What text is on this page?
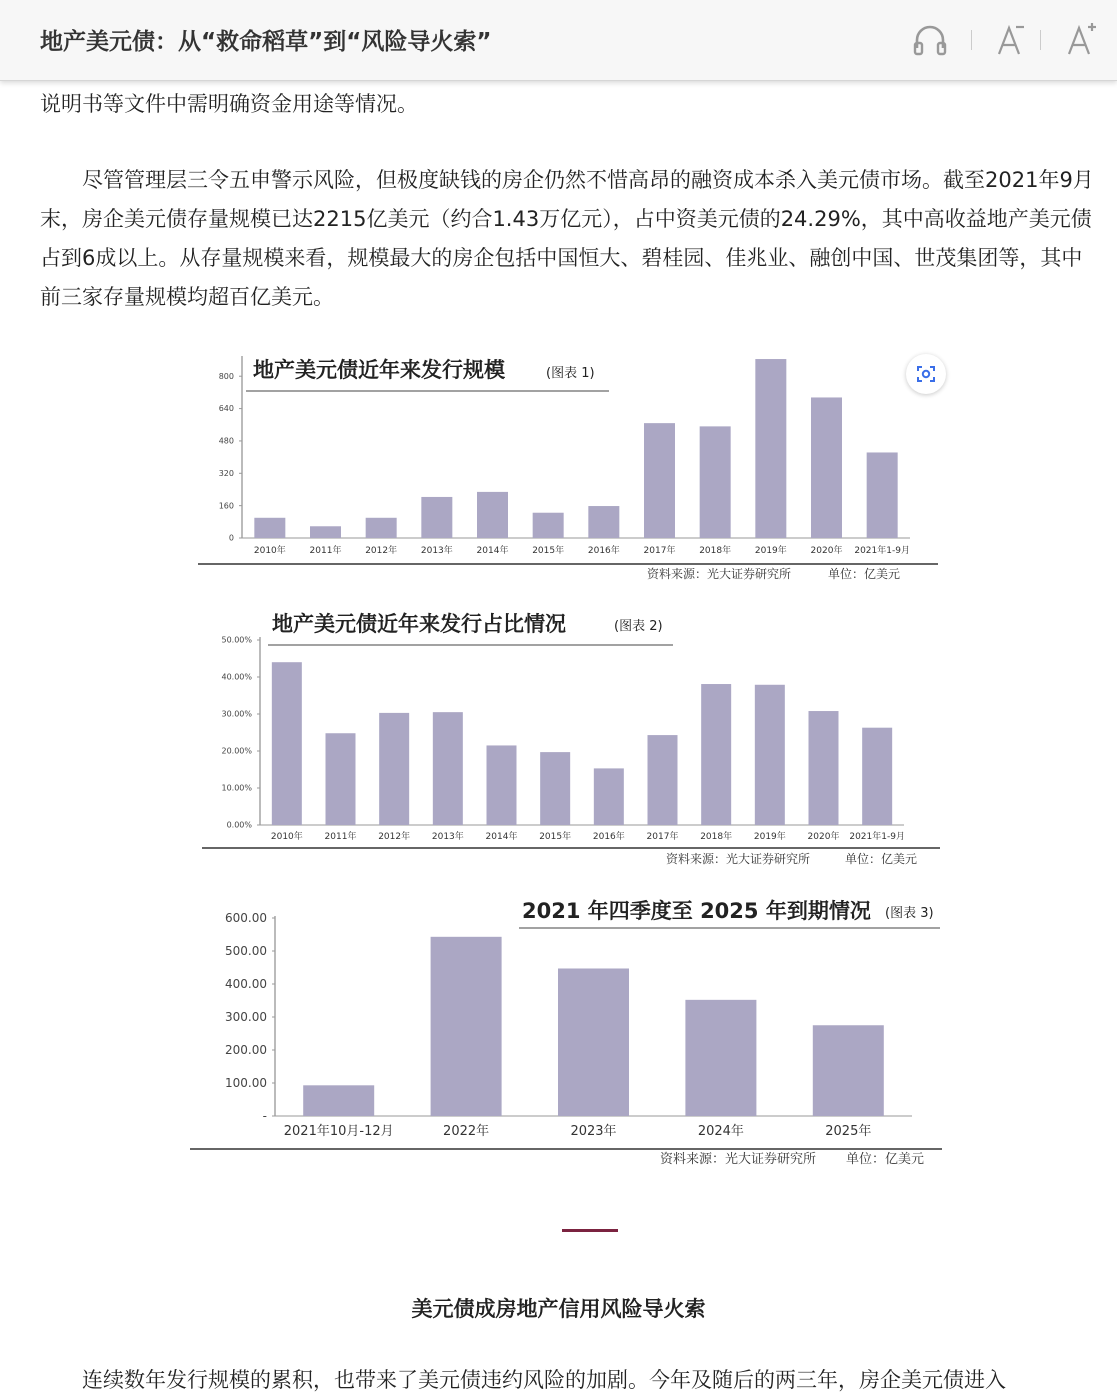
地产美元债：从“救命稻草”到“风险导火索”

说明书等文件中需明确资金用途等情况。

尽管管理层三令五申警示风险，但极度缺钱的房企仍然不惜高昂的融资成本杀入美元债市场。截至2021年9月末，房企美元债存量规模已达2215亿美元（约合1.43万亿元），占中资美元债的24.29%，其中高收益地产美元债占到6成以上。从存量规模来看，规模最大的房企包括中国恒大、碧桂园、佳兆业、融创中国、世茂集团等，其中前三家存量规模均超百亿美元。

地产美元债近年来发行规模	(图表 1)
资料来源：光大证券研究所	单位：亿美元
0
160
320
480
640
800
2010年	2011年	2012年	2013年	2014年	2015年	2016年	2017年	2018年	2019年	2020年 2021年1-9月
地产美元债近年来发行占比情况	(图表 2)
资料来源：光大证券研究所	单位：亿美元
0.00%
10.00%
20.00%
30.00%
40.00%
50.00%
2010年 2011年 2012年 2013年 2014年 2015年 2016年 2017年 2018年 2019年 2020年 2021年1-9月
2021 年四季度至 2025 年到期情况 (图表 3)
资料来源：光大证券研究所 单位：亿美元
-
100.00
200.00
300.00
400.00
500.00
600.00
2021年10月-12月	2022年	2023年	2024年	2025年

美元债成房地产信用风险导火索

连续数年发行规模的累积，也带来了美元债违约风险的加剧。今年及随后的两三年，房企美元债进入
